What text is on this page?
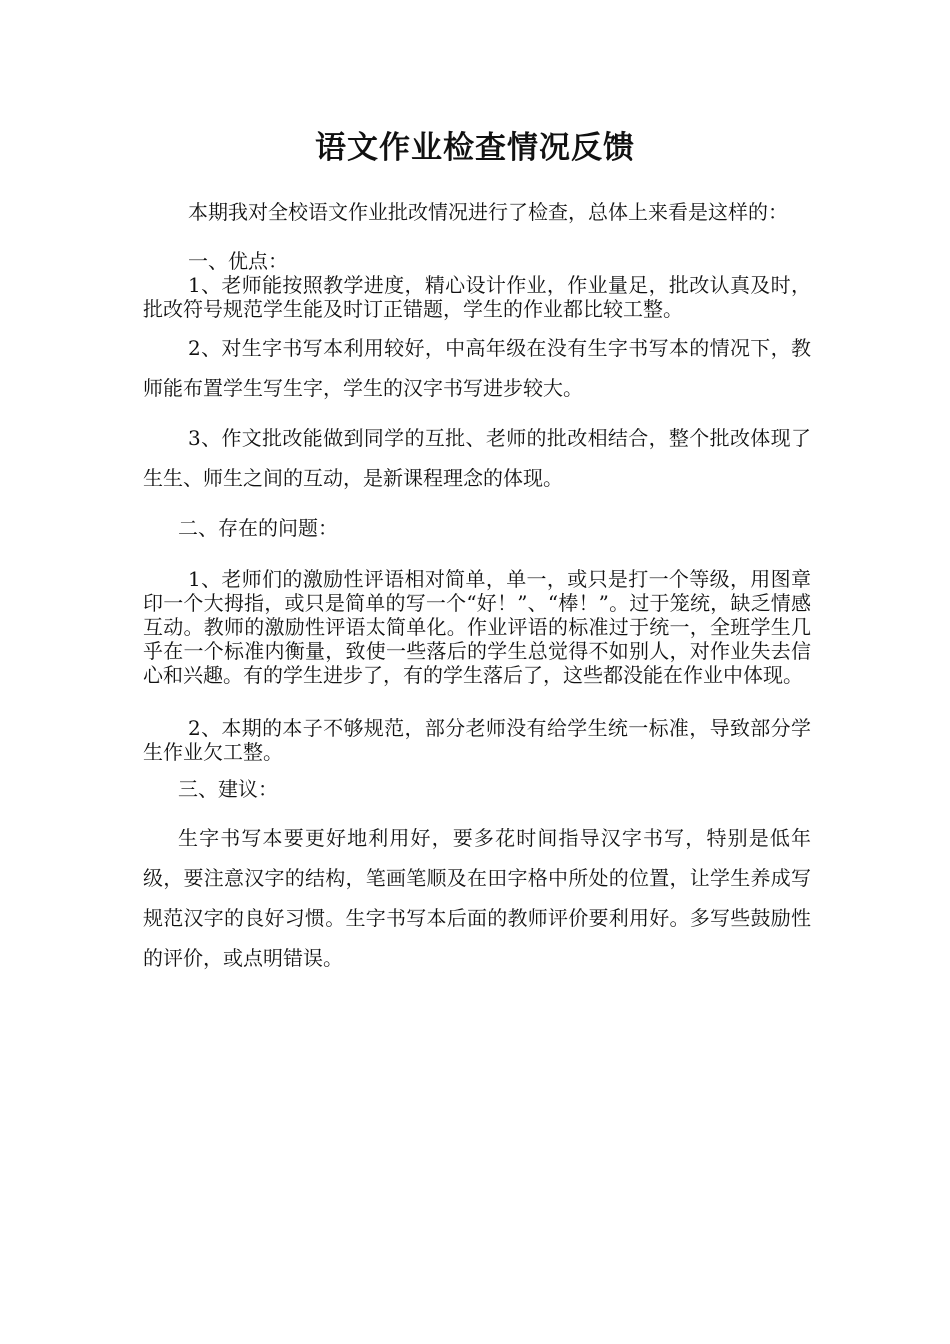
语文作业检查情况反馈

本期我对全校语文作业批改情况进行了检查，总体上来看是这样的：

一、优点：

1、老师能按照教学进度，精心设计作业，作业量足，批改认真及时，批改符号规范学生能及时订正错题，学生的作业都比较工整。

2、对生字书写本利用较好，中高年级在没有生字书写本的情况下，教师能布置学生写生字，学生的汉字书写进步较大。

3、作文批改能做到同学的互批、老师的批改相结合，整个批改体现了生生、师生之间的互动，是新课程理念的体现。

二、存在的问题：

1、老师们的激励性评语相对简单，单一，或只是打一个等级，用图章印一个大拇指，或只是简单的写一个“好！”、“棒！”。过于笼统，缺乏情感互动。教师的激励性评语太简单化。作业评语的标准过于统一，全班学生几乎在一个标准内衡量，致使一些落后的学生总觉得不如别人，对作业失去信心和兴趣。有的学生进步了，有的学生落后了，这些都没能在作业中体现。

2、本期的本子不够规范，部分老师没有给学生统一标准，导致部分学生作业欠工整。

三、建议：

生字书写本要更好地利用好，要多花时间指导汉字书写，特别是低年级，要注意汉字的结构，笔画笔顺及在田字格中所处的位置，让学生养成写规范汉字的良好习惯。生字书写本后面的教师评价要利用好。多写些鼓励性的评价，或点明错误。
